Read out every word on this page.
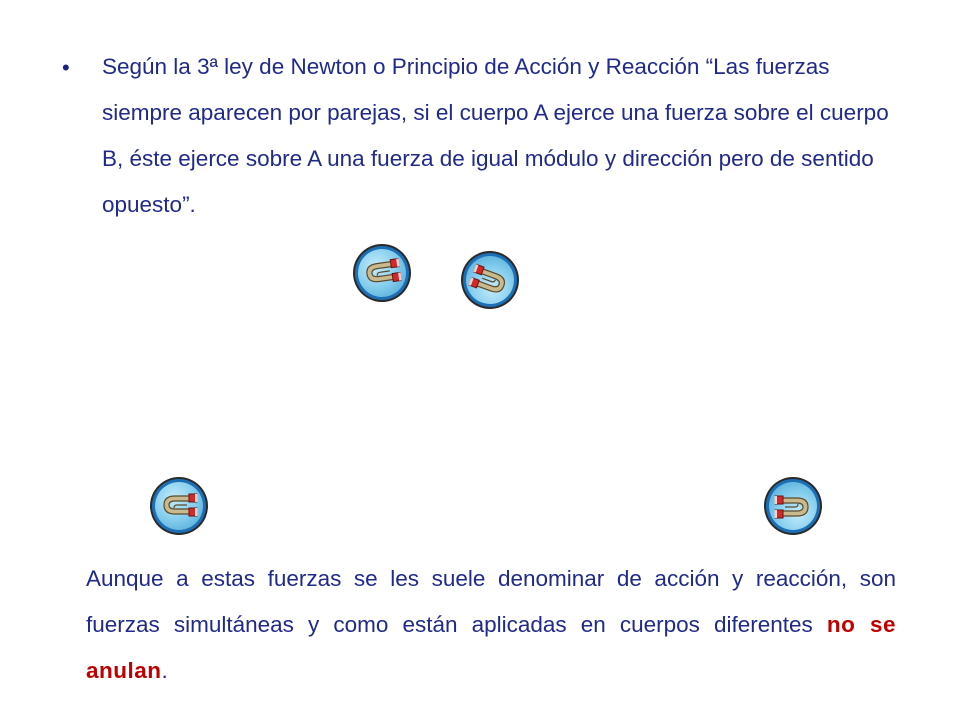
• Según la 3ª ley de Newton o Principio de Acción y Reacción “Las fuerzas siempre aparecen por parejas, si el cuerpo A ejerce una fuerza sobre el cuerpo B, éste ejerce sobre A una fuerza de igual módulo y dirección pero de sentido opuesto”.

Aunque a estas fuerzas se les suele denominar de acción y reacción, son fuerzas simultáneas y como están aplicadas en cuerpos diferentes no se anulan.
